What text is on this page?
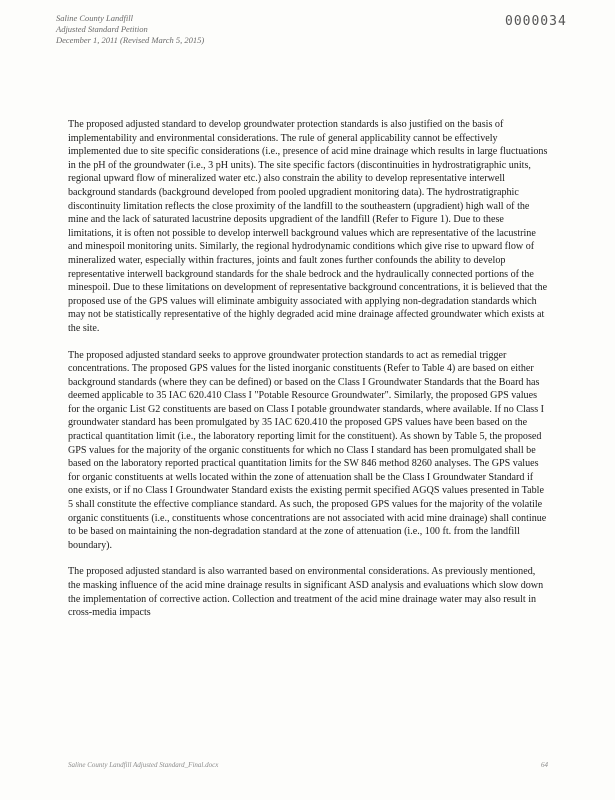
Saline County Landfill
Adjusted Standard Petition
December 1, 2011 (Revised March 5, 2015)
0000034

The proposed adjusted standard to develop groundwater protection standards is also justified on the basis of implementability and environmental considerations. The rule of general applicability cannot be effectively implemented due to site specific considerations (i.e., presence of acid mine drainage which results in large fluctuations in the pH of the groundwater (i.e., 3 pH units). The site specific factors (discontinuities in hydrostratigraphic units, regional upward flow of mineralized water etc.) also constrain the ability to develop representative interwell background standards (background developed from pooled upgradient monitoring data). The hydrostratigraphic discontinuity limitation reflects the close proximity of the landfill to the southeastern (upgradient) high wall of the mine and the lack of saturated lacustrine deposits upgradient of the landfill (Refer to Figure 1). Due to these limitations, it is often not possible to develop interwell background values which are representative of the lacustrine and minespoil monitoring units. Similarly, the regional hydrodynamic conditions which give rise to upward flow of mineralized water, especially within fractures, joints and fault zones further confounds the ability to develop representative interwell background standards for the shale bedrock and the hydraulically connected portions of the minespoil. Due to these limitations on development of representative background concentrations, it is believed that the proposed use of the GPS values will eliminate ambiguity associated with applying non-degradation standards which may not be statistically representative of the highly degraded acid mine drainage affected groundwater which exists at the site.

The proposed adjusted standard seeks to approve groundwater protection standards to act as remedial trigger concentrations. The proposed GPS values for the listed inorganic constituents (Refer to Table 4) are based on either background standards (where they can be defined) or based on the Class I Groundwater Standards that the Board has deemed applicable to 35 IAC 620.410 Class I "Potable Resource Groundwater". Similarly, the proposed GPS values for the organic List G2 constituents are based on Class I potable groundwater standards, where available. If no Class I groundwater standard has been promulgated by 35 IAC 620.410 the proposed GPS values have been based on the practical quantitation limit (i.e., the laboratory reporting limit for the constituent). As shown by Table 5, the proposed GPS values for the majority of the organic constituents for which no Class I standard has been promulgated shall be based on the laboratory reported practical quantitation limits for the SW 846 method 8260 analyses. The GPS values for organic constituents at wells located within the zone of attenuation shall be the Class I Groundwater Standard if one exists, or if no Class I Groundwater Standard exists the existing permit specified AGQS values presented in Table 5 shall constitute the effective compliance standard. As such, the proposed GPS values for the majority of the volatile organic constituents (i.e., constituents whose concentrations are not associated with acid mine drainage) shall continue to be based on maintaining the non-degradation standard at the zone of attenuation (i.e., 100 ft. from the landfill boundary).

The proposed adjusted standard is also warranted based on environmental considerations. As previously mentioned, the masking influence of the acid mine drainage results in significant ASD analysis and evaluations which slow down the implementation of corrective action. Collection and treatment of the acid mine drainage water may also result in cross-media impacts

Saline County Landfill Adjusted Standard_Final.docx	64
